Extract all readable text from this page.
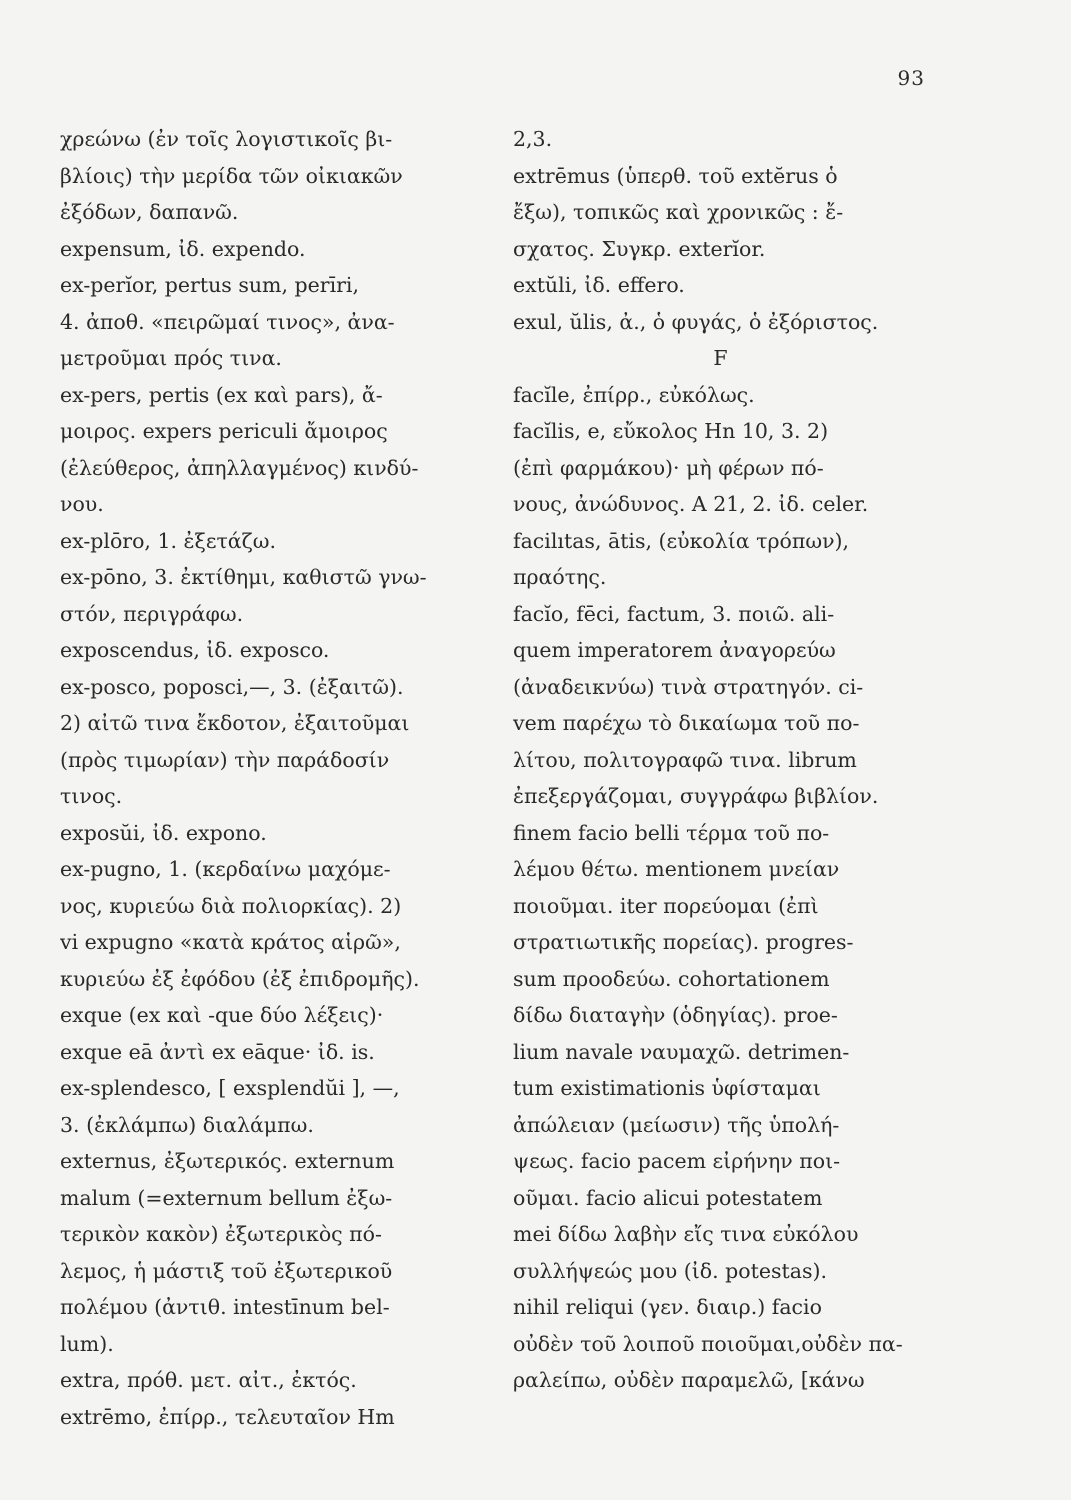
93
χρεώνω (ἐν τοῖς λογιστικοῖς βι-
βλίοις) τὴν μερίδα τῶν οἰκιακῶν
ἐξόδων, δαπανῶ.
expensum, ἰδ. expendo.
ex-perĭor, pertus sum, perīri,
4. ἀποθ. «πειρῶμαί τινος», ἀνα-
μετροῦμαι πρός τινα.
ex-pers, pertis (ex καὶ pars), ἄ-
μοιρος. expers periculi ἄμοιρος
(ἐλεύθερος, ἀπηλλαγμένος) κινδύ-
νου.
ex-plōro, 1. ἐξετάζω.
ex-pōno, 3. ἐκτίθημι, καθιστῶ γνω-
στόν, περιγράφω.
exposcendus, ἰδ. exposco.
ex-posco, poposci,—, 3. (ἐξαιτῶ).
2) αἰτῶ τινα ἔκδοτον, ἐξαιτοῦμαι
(πρὸς τιμωρίαν) τὴν παράδοσίν
τινος.
exposŭi, ἰδ. expono.
ex-pugno, 1. (κερδαίνω μαχόμε-
νος, κυριεύω διὰ πολιορκίας). 2)
vi expugno «κατὰ κράτος αἱρῶ»,
κυριεύω ἐξ ἐφόδου (ἐξ ἐπιδρομῆς).
exque (ex καὶ -que δύο λέξεις)·
exque eā ἀντὶ ex eāque· ἰδ. is.
ex-splendesco, [ exsplendŭi ], —,
3. (ἐκλάμπω) διαλάμπω.
externus, ἐξωτερικός. externum
malum (=externum bellum ἐξω-
τερικὸν κακὸν) ἐξωτερικὸς πό-
λεμος, ἡ μάστιξ τοῦ ἐξωτερικοῦ
πολέμου (ἀντιθ. intestīnum bel-
lum).
extra, πρόθ. μετ. αἰτ., ἐκτός.
extrēmo, ἐπίρρ., τελευταῖον Hm
2,3.
extrēmus (ὑπερθ. τοῦ extĕrus ὁ
ἔξω), τοπικῶς καὶ χρονικῶς : ἔ-
σχατος. Συγκρ. exterĭor.
extŭli, ἰδ. effero.
exul, ŭlis, ἀ., ὁ φυγάς, ὁ ἐξόριστος.
F
facĭle, ἐπίρρ., εὐκόλως.
facĭlis, e, εὔκολος Hn 10, 3. 2)
(ἐπὶ φαρμάκου)· μὴ φέρων πό-
νους, ἀνώδυνος. A 21, 2. ἰδ. celer.
facilıtas, ātis, (εὐκολία τρόπων),
πραότης.
facĭo, fēci, factum, 3. ποιῶ. ali-
quem imperatorem ἀναγορεύω
(ἀναδεικνύω) τινὰ στρατηγόν. ci-
vem παρέχω τὸ δικαίωμα τοῦ πο-
λίτου, πολιτογραφῶ τινα. librum
ἐπεξεργάζομαι, συγγράφω βιβλίον.
finem facio belli τέρμα τοῦ πο-
λέμου θέτω. mentionem μνείαν
ποιοῦμαι. iter πορεύομαι (ἐπὶ
στρατιωτικῆς πορείας). progres-
sum προοδεύω. cohortationem
δίδω διαταγὴν (ὁδηγίας). proe-
lium navale ναυμαχῶ. detrimen-
tum existimationis ὑφίσταμαι
ἀπώλειαν (μείωσιν) τῆς ὑπολή-
ψεως. facio pacem εἰρήνην ποι-
οῦμαι. facio alicui potestatem
mei δίδω λαβὴν εἴς τινα εὐκόλου
συλλήψεώς μου (ἰδ. potestas).
nihil reliqui (γεν. διαιρ.) facio
οὐδὲν τοῦ λοιποῦ ποιοῦμαι,οὐδὲν πα-
ραλείπω, οὐδὲν παραμελῶ, [κάνω
